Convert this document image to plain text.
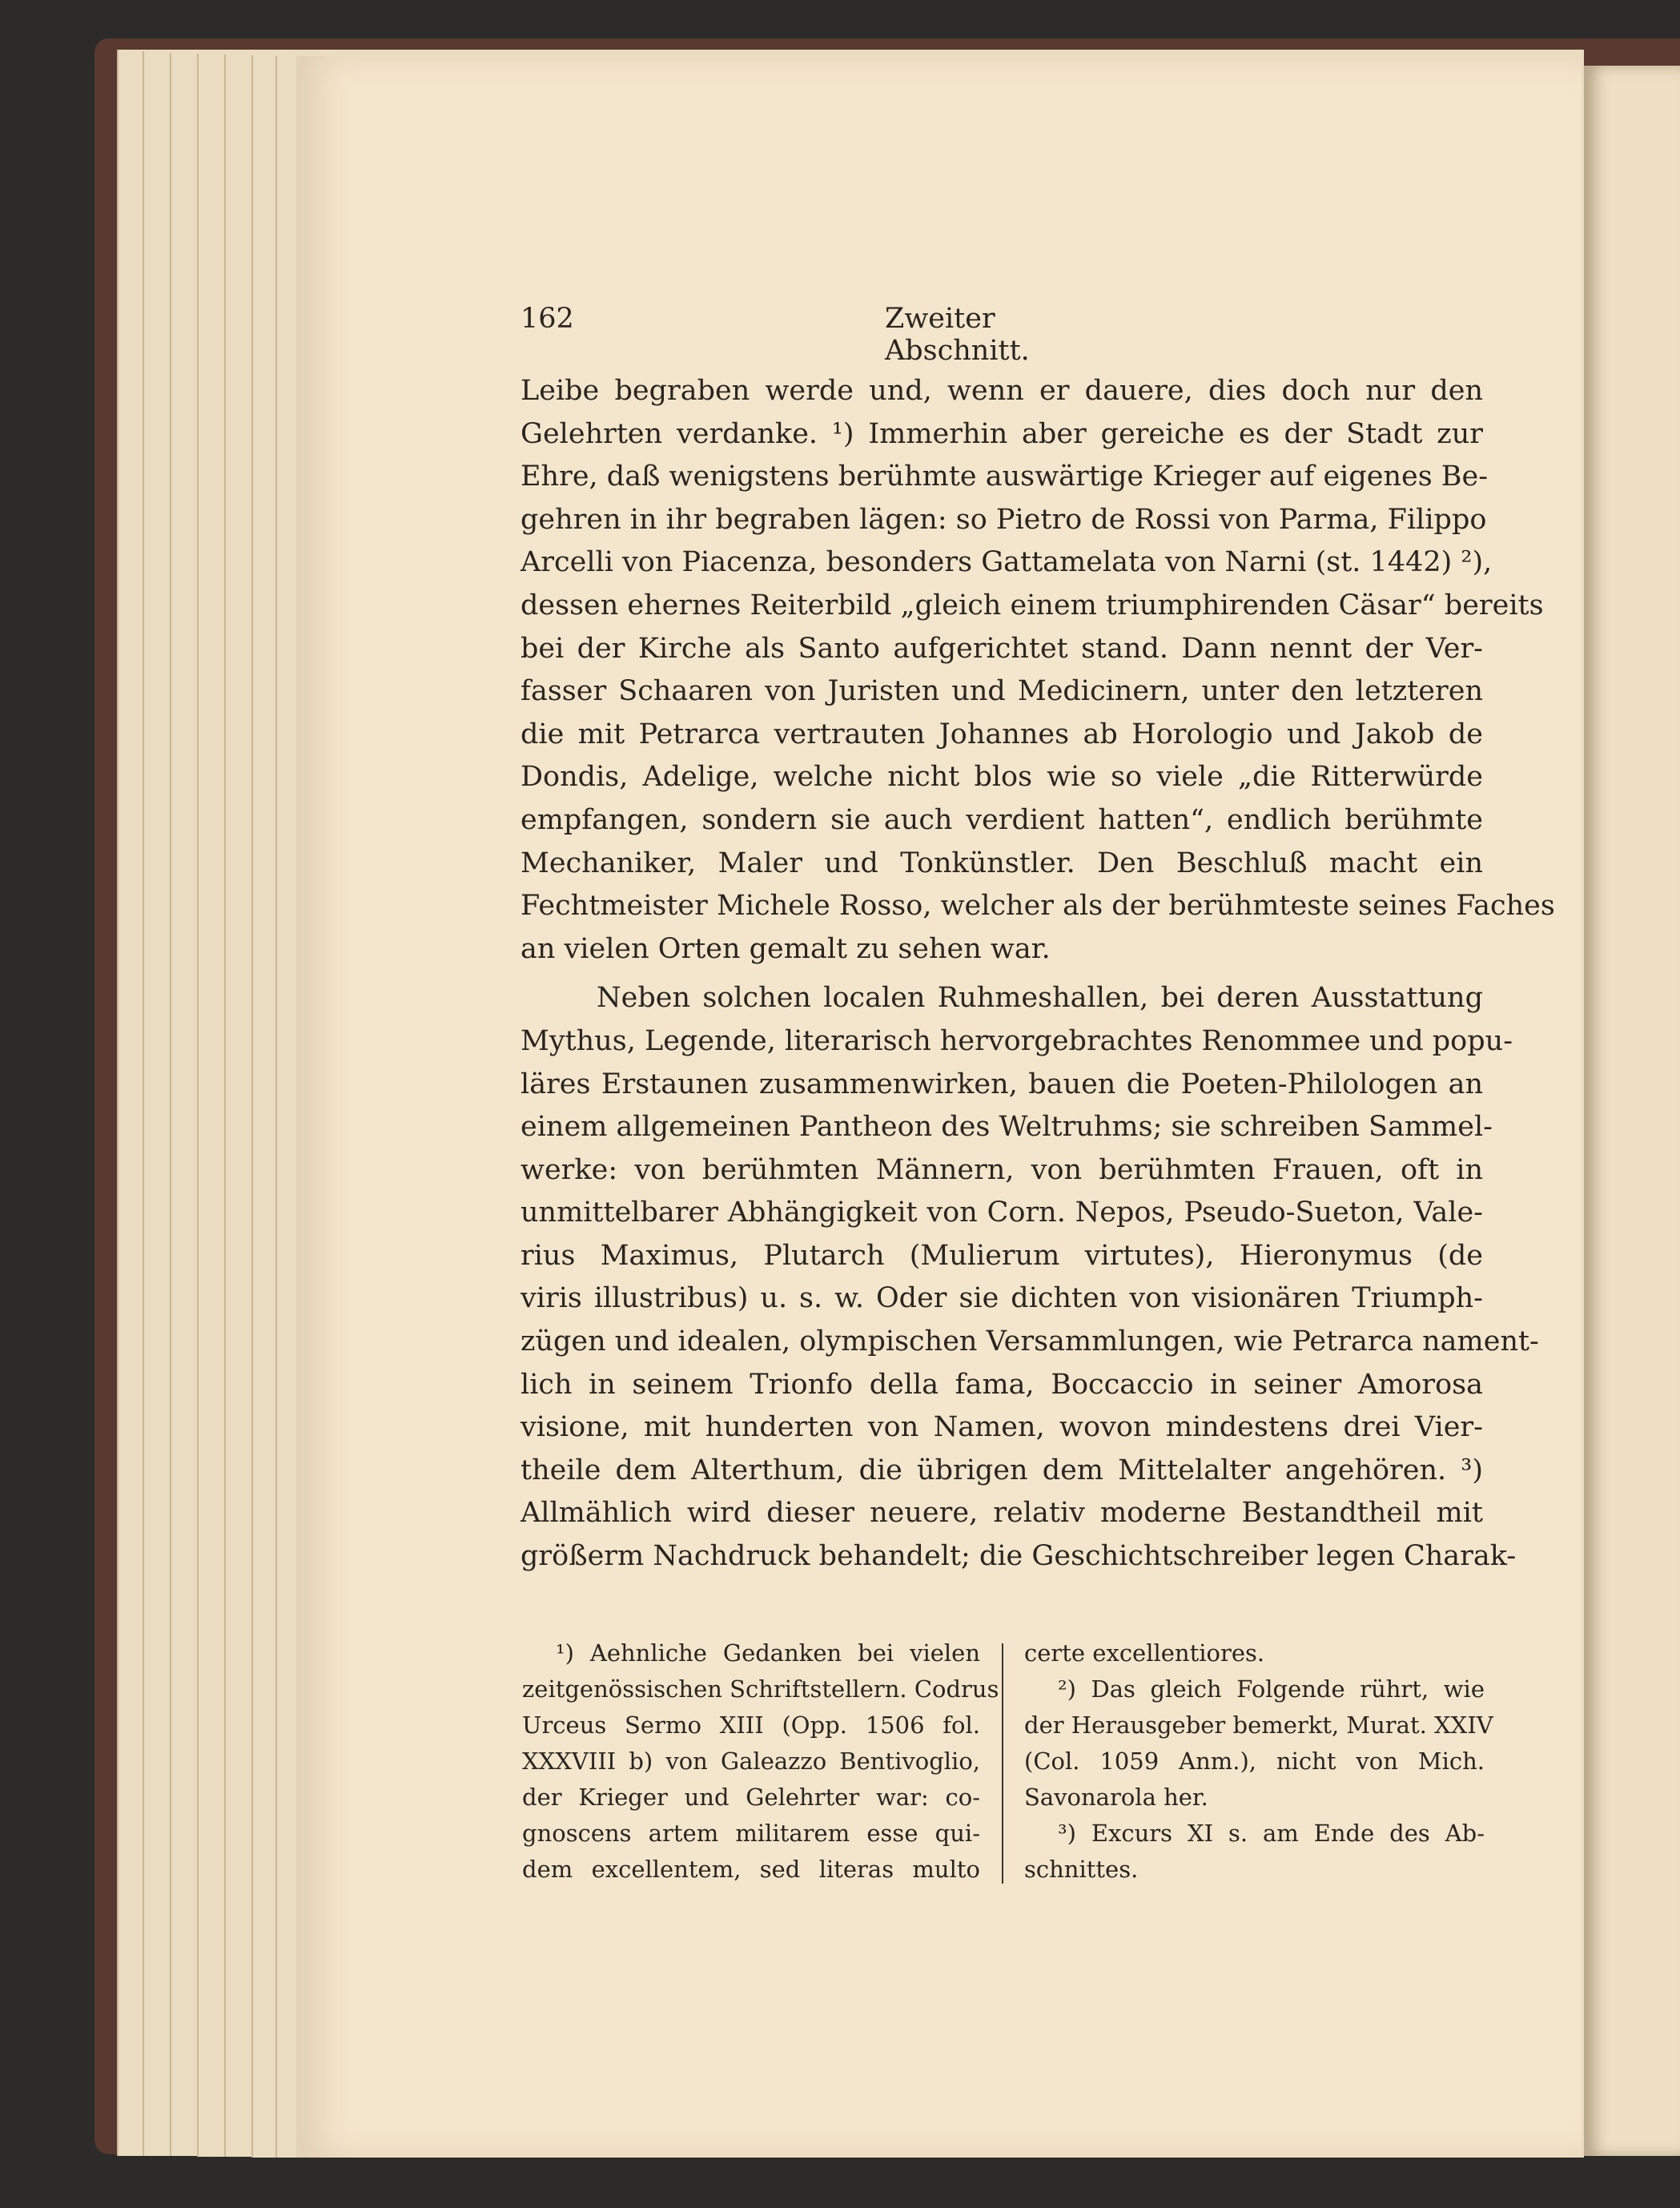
162	Zweiter Abschnitt.
Leibe begraben werde und, wenn er dauere, dies doch nur den
Gelehrten verdanke. ¹) Immerhin aber gereiche es der Stadt zur
Ehre, daß wenigstens berühmte auswärtige Krieger auf eigenes Be-
gehren in ihr begraben lägen: so Pietro de Rossi von Parma, Filippo
Arcelli von Piacenza, besonders Gattamelata von Narni (st. 1442) ²),
dessen ehernes Reiterbild „gleich einem triumphirenden Cäsar“ bereits
bei der Kirche als Santo aufgerichtet stand. Dann nennt der Ver-
fasser Schaaren von Juristen und Medicinern, unter den letzteren
die mit Petrarca vertrauten Johannes ab Horologio und Jakob de
Dondis, Adelige, welche nicht blos wie so viele „die Ritterwürde
empfangen, sondern sie auch verdient hatten“, endlich berühmte
Mechaniker, Maler und Tonkünstler. Den Beschluß macht ein
Fechtmeister Michele Rosso, welcher als der berühmteste seines Faches
an vielen Orten gemalt zu sehen war.
Neben solchen localen Ruhmeshallen, bei deren Ausstattung
Mythus, Legende, literarisch hervorgebrachtes Renommee und popu-
läres Erstaunen zusammenwirken, bauen die Poeten-Philologen an
einem allgemeinen Pantheon des Weltruhms; sie schreiben Sammel-
werke: von berühmten Männern, von berühmten Frauen, oft in
unmittelbarer Abhängigkeit von Corn. Nepos, Pseudo-Sueton, Vale-
rius Maximus, Plutarch (Mulierum virtutes), Hieronymus (de
viris illustribus) u. s. w. Oder sie dichten von visionären Triumph-
zügen und idealen, olympischen Versammlungen, wie Petrarca nament-
lich in seinem Trionfo della fama, Boccaccio in seiner Amorosa
visione, mit hunderten von Namen, wovon mindestens drei Vier-
theile dem Alterthum, die übrigen dem Mittelalter angehören. ³)
Allmählich wird dieser neuere, relativ moderne Bestandtheil mit
größerm Nachdruck behandelt; die Geschichtschreiber legen Charak-
¹) Aehnliche Gedanken bei vielen
zeitgenössischen Schriftstellern. Codrus
Urceus Sermo XIII (Opp. 1506 fol.
XXXVIII b) von Galeazzo Bentivoglio,
der Krieger und Gelehrter war: co-
gnoscens artem militarem esse qui-
dem excellentem, sed literas multo
certe excellentiores.
²) Das gleich Folgende rührt, wie
der Herausgeber bemerkt, Murat. XXIV
(Col. 1059 Anm.), nicht von Mich.
Savonarola her.
³) Excurs XI s. am Ende des Ab-
schnittes.
